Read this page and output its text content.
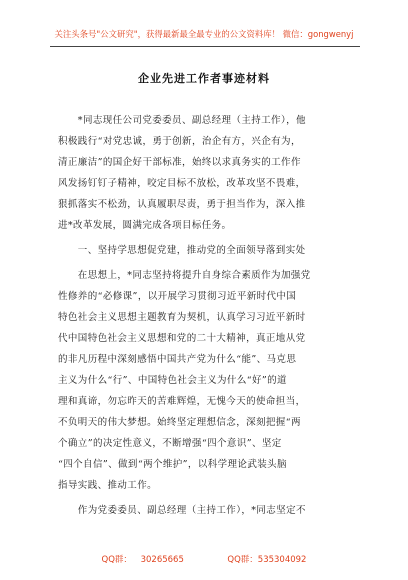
关注头条号"公文研究"，获得最新最全最专业的公文资料库！ 微信：gongwenyj
企业先进工作者事迹材料
　　*同志现任公司党委委员、副总经理（主持工作），他
积极践行“对党忠诚，勇于创新，治企有方，兴企有为，
清正廉洁”的国企好干部标准，始终以求真务实的工作作
风发扬钉钉子精神，咬定目标不放松，改革攻坚不畏难，
狠抓落实不松劲，认真履职尽责，勇于担当作为，深入推
进*改革发展，圆满完成各项目标任务。
　　一、坚持学思想促党建，推动党的全面领导落到实处
　　在思想上，*同志坚持将提升自身综合素质作为加强党
性修养的“必修课”，以开展学习贯彻习近平新时代中国
特色社会主义思想主题教育为契机，认真学习习近平新时
代中国特色社会主义思想和党的二十大精神，真正地从党
的非凡历程中深刻感悟中国共产党为什么“能”、马克思
主义为什么“行”、中国特色社会主义为什么“好”的道
理和真谛，勿忘昨天的苦难辉煌，无愧今天的使命担当，
不负明天的伟大梦想。始终坚定理想信念，深刻把握“两
个确立”的决定性意义，不断增强“四个意识”、坚定
“四个自信”、做到“两个维护”，以科学理论武装头脑
指导实践、推动工作。
　　作为党委委员、副总经理（主持工作），*同志坚定不
QQ群： 30265665	QQ群：535304092
